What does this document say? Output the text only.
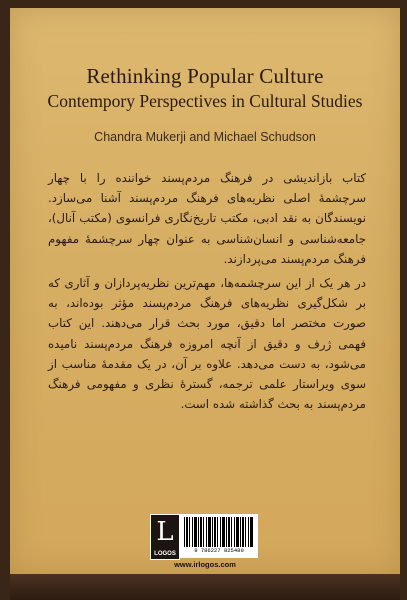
Rethinking Popular Culture
Contempory Perspectives in Cultural Studies
Chandra Mukerji and Michael Schudson

کتاب بازاندیشی در فرهنگ مردم‌پسند خواننده را با چهار سرچشمهٔ اصلی نظریه‌های فرهنگ مردم‌پسند آشنا می‌سازد. نویسندگان به نقد ادبی، مکتب تاریخ‌نگاری فرانسوی (مکتب آنال)، جامعه‌شناسی و انسان‌شناسی به عنوان چهار سرچشمهٔ مفهوم فرهنگ مردم‌پسند می‌پردازند.

در هر یک از این سرچشمه‌ها، مهم‌ترین نظریه‌پردازان و آثاری که بر شکل‌گیری نظریه‌های فرهنگ مردم‌پسند مؤثر بوده‌اند، به صورت مختصر اما دقیق، مورد بحث قرار می‌دهند. این کتاب فهمی ژرف و دقیق از آنچه امروزه فرهنگ مردم‌پسند نامیده می‌شود، به دست می‌دهد. علاوه بر آن، در یک مقدمهٔ مناسب از سوی ویراستار علمی ترجمه، گسترهٔ نظری و مفهومی فرهنگ مردم‌پسند به بحث گذاشته شده است.

L
LOGOS	9 786227 825480
www.irlogos.com
